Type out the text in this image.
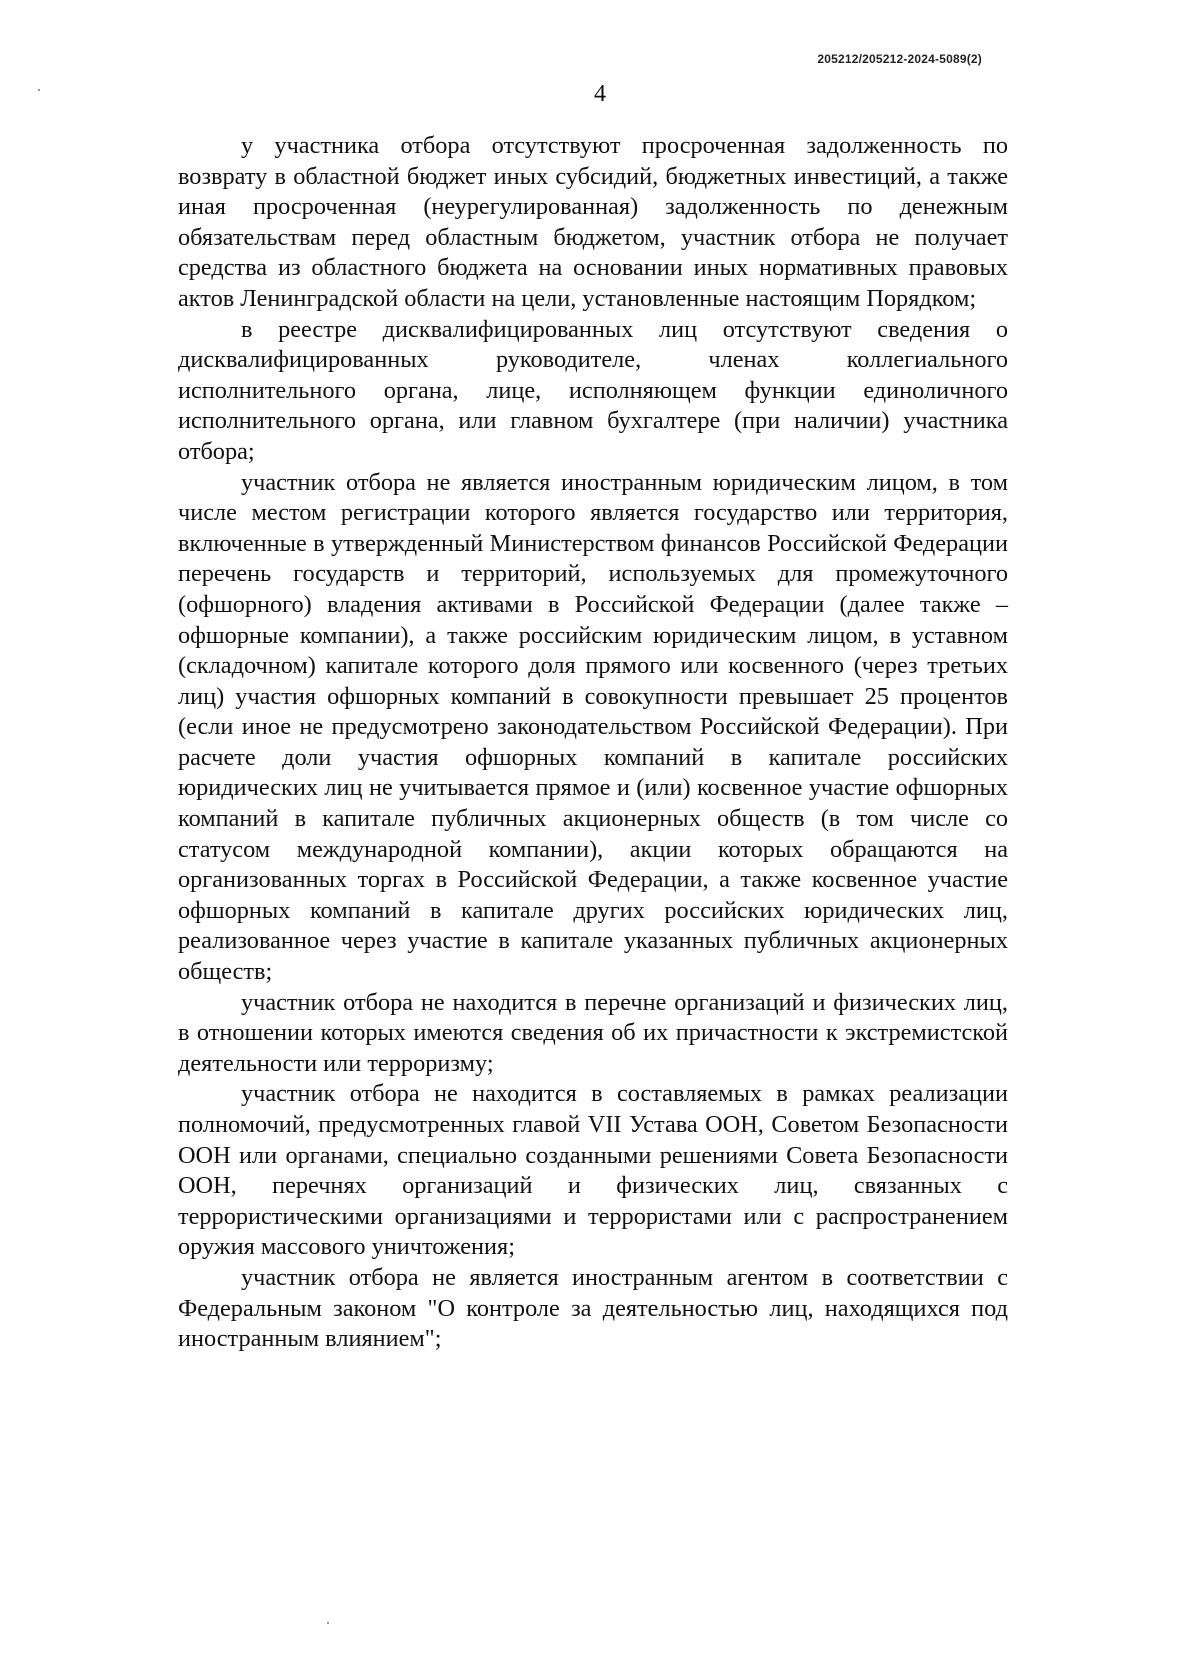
205212/205212-2024-5089(2)
4

у участника отбора отсутствуют просроченная задолженность по возврату в областной бюджет иных субсидий, бюджетных инвестиций, а также иная просроченная (неурегулированная) задолженность по денежным обязательствам перед областным бюджетом, участник отбора не получает средства из областного бюджета на основании иных нормативных правовых актов Ленинградской области на цели, установленные настоящим Порядком;

в реестре дисквалифицированных лиц отсутствуют сведения о дисквалифицированных руководителе, членах коллегиального исполнительного органа, лице, исполняющем функции единоличного исполнительного органа, или главном бухгалтере (при наличии) участника отбора;

участник отбора не является иностранным юридическим лицом, в том числе местом регистрации которого является государство или территория, включенные в утвержденный Министерством финансов Российской Федерации перечень государств и территорий, используемых для промежуточного (офшорного) владения активами в Российской Федерации (далее также – офшорные компании), а также российским юридическим лицом, в уставном (складочном) капитале которого доля прямого или косвенного (через третьих лиц) участия офшорных компаний в совокупности превышает 25 процентов (если иное не предусмотрено законодательством Российской Федерации). При расчете доли участия офшорных компаний в капитале российских юридических лиц не учитывается прямое и (или) косвенное участие офшорных компаний в капитале публичных акционерных обществ (в том числе со статусом международной компании), акции которых обращаются на организованных торгах в Российской Федерации, а также косвенное участие офшорных компаний в капитале других российских юридических лиц, реализованное через участие в капитале указанных публичных акционерных обществ;

участник отбора не находится в перечне организаций и физических лиц, в отношении которых имеются сведения об их причастности к экстремистской деятельности или терроризму;

участник отбора не находится в составляемых в рамках реализации полномочий, предусмотренных главой VII Устава ООН, Советом Безопасности ООН или органами, специально созданными решениями Совета Безопасности ООН, перечнях организаций и физических лиц, связанных с террористическими организациями и террористами или с распространением оружия массового уничтожения;

участник отбора не является иностранным агентом в соответствии с Федеральным законом "О контроле за деятельностью лиц, находящихся под иностранным влиянием";
